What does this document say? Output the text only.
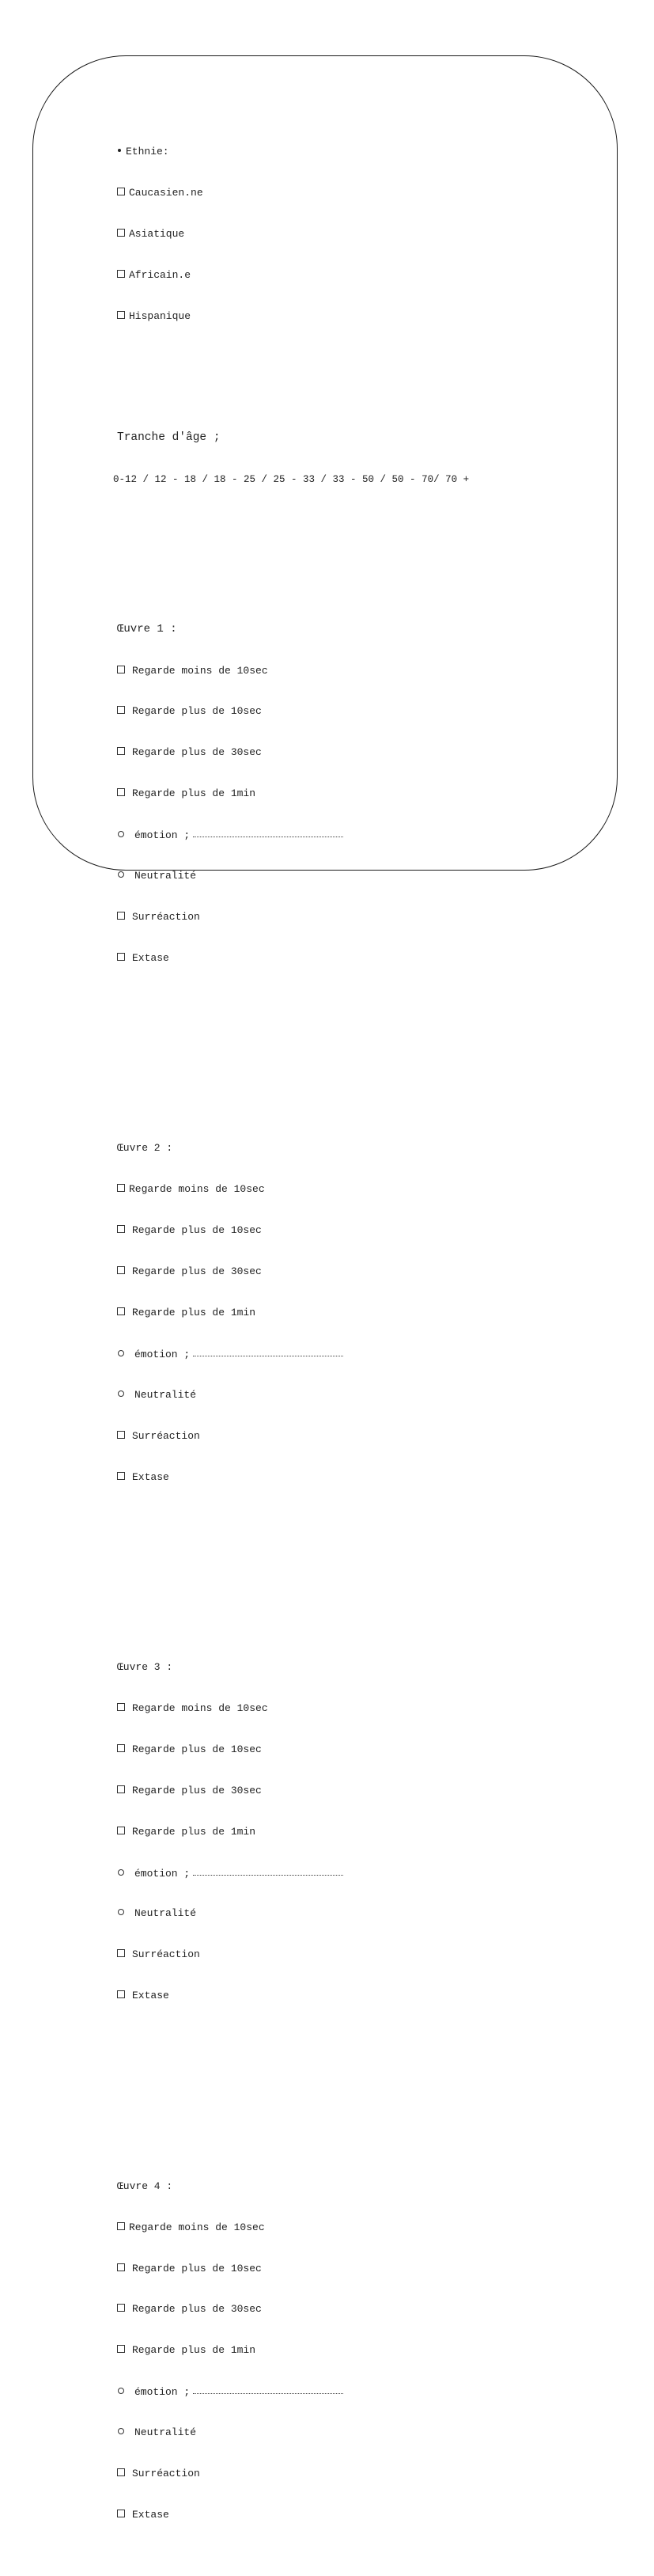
Ethnie:

Caucasien.ne

Asiatique

Africain.e

Hispanique

Tranche d'âge ;

0-12 / 12 - 18 / 18 - 25 / 25 - 33 / 33 - 50 / 50 - 70/ 70 +

Œuvre 1 :

Regarde moins de 10sec

Regarde plus de 10sec

Regarde plus de 30sec

Regarde plus de 1min

émotion ;

Neutralité

Surréaction

Extase

Œuvre 2 :

Regarde moins de 10sec

Regarde plus de 10sec

Regarde plus de 30sec

Regarde plus de 1min

émotion ;

Neutralité

Surréaction

Extase

Œuvre 3 :

Regarde moins de 10sec

Regarde plus de 10sec

Regarde plus de 30sec

Regarde plus de 1min

émotion ;

Neutralité

Surréaction

Extase

Œuvre 4 :

Regarde moins de 10sec

Regarde plus de 10sec

Regarde plus de 30sec

Regarde plus de 1min

émotion ;

Neutralité

Surréaction

Extase
